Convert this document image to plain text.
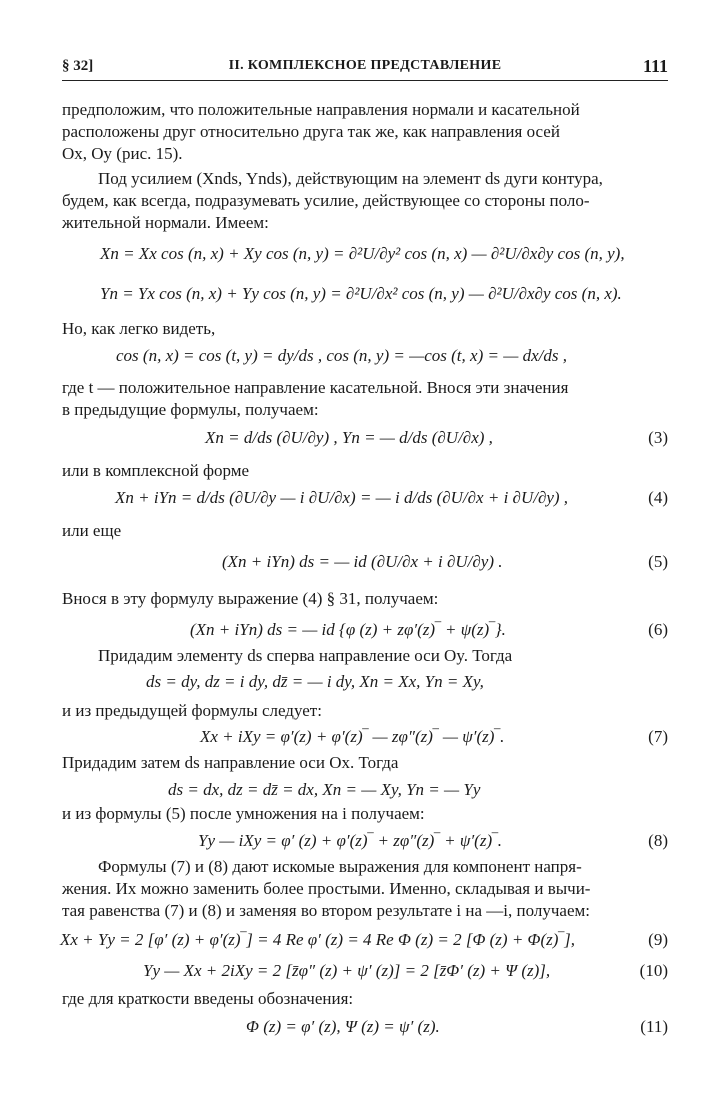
§ 32]	II. КОМПЛЕКСНОЕ ПРЕДСТАВЛЕНИЕ	111
предположим, что положительные направления нормали и касательной
расположены друг относительно друга так же, как направления осей
Ox, Oy (рис. 15).
Под усилием (Xnds, Ynds), действующим на элемент ds дуги контура,
будем, как всегда, подразумевать усилие, действующее со стороны поло-
жительной нормали. Имеем:
Xn = Xx cos (n, x) + Xy cos (n, y) = ∂²U/∂y² cos (n, x) — ∂²U/∂x∂y cos (n, y),
Yn = Yx cos (n, x) + Yy cos (n, y) = ∂²U/∂x² cos (n, y) — ∂²U/∂x∂y cos (n, x).
Но, как легко видеть,
cos (n, x) = cos (t, y) = dy/ds , cos (n, y) = —cos (t, x) = — dx/ds ,
где t — положительное направление касательной. Внося эти значения
в предыдущие формулы, получаем:
Xn = d/ds (∂U/∂y) , Yn = — d/ds (∂U/∂x) ,	(3)
или в комплексной форме
Xn + iYn = d/ds (∂U/∂y — i ∂U/∂x) = — i d/ds (∂U/∂x + i ∂U/∂y) ,	(4)
или еще
(Xn + iYn) ds = — id (∂U/∂x + i ∂U/∂y) .	(5)
Внося в эту формулу выражение (4) § 31, получаем:
(Xn + iYn) ds = — id {φ (z) + zφ′(z)‾ + ψ(z)‾}.	(6)
Придадим элементу ds сперва направление оси Oy. Тогда
ds = dy, dz = i dy, dz̄ = — i dy, Xn = Xx, Yn = Xy,
и из предыдущей формулы следует:
Xx + iXy = φ′(z) + φ′(z)‾ — zφ″(z)‾ — ψ′(z)‾.	(7)
Придадим затем ds направление оси Ox. Тогда
ds = dx, dz = dz̄ = dx, Xn = — Xy, Yn = — Yy
и из формулы (5) после умножения на i получаем:
Yy — iXy = φ′ (z) + φ′(z)‾ + zφ″(z)‾ + ψ′(z)‾.	(8)
Формулы (7) и (8) дают искомые выражения для компонент напря-
жения. Их можно заменить более простыми. Именно, складывая и вычи-
тая равенства (7) и (8) и заменяя во втором результате i на —i, получаем:
Xx + Yy = 2 [φ′ (z) + φ′(z)‾] = 4 Re φ′ (z) = 4 Re Φ (z) = 2 [Φ (z) + Φ(z)‾],	(9)
Yy — Xx + 2iXy = 2 [z̄φ″ (z) + ψ′ (z)] = 2 [z̄Φ′ (z) + Ψ (z)],	(10)
где для краткости введены обозначения:
Φ (z) = φ′ (z), Ψ (z) = ψ′ (z).	(11)
